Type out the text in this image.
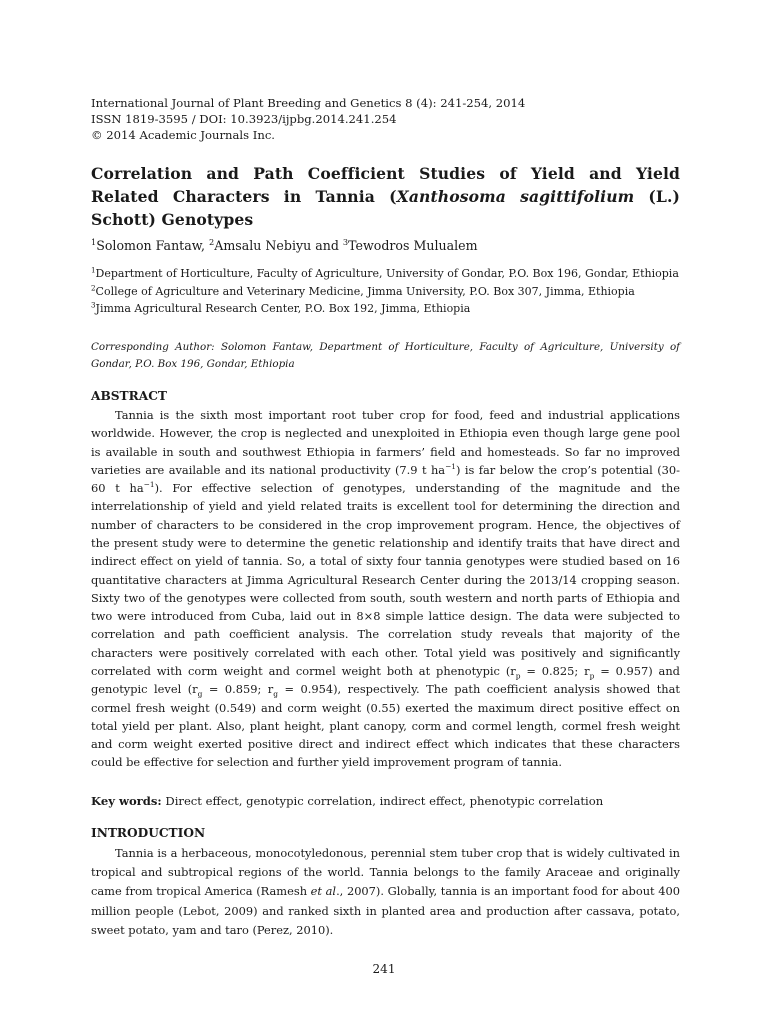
International Journal of Plant Breeding and Genetics 8 (4): 241-254, 2014
ISSN 1819-3595 / DOI: 10.3923/ijpbg.2014.241.254
© 2014 Academic Journals Inc.
Correlation and Path Coefficient Studies of Yield and Yield Related Characters in Tannia (Xanthosoma sagittifolium (L.) Schott) Genotypes
$^1$Solomon Fantaw, $^2$Amsalu Nebiyu and $^3$Tewodros Mulualem
$^1$Department of Horticulture, Faculty of Agriculture, University of Gondar, P.O. Box 196, Gondar, Ethiopia
$^2$College of Agriculture and Veterinary Medicine, Jimma University, P.O. Box 307, Jimma, Ethiopia
$^3$Jimma Agricultural Research Center, P.O. Box 192, Jimma, Ethiopia
Corresponding Author: Solomon Fantaw, Department of Horticulture, Faculty of Agriculture, University of Gondar, P.O. Box 196, Gondar, Ethiopia
ABSTRACT

Tannia is the sixth most important root tuber crop for food, feed and industrial applications worldwide. However, the crop is neglected and unexploited in Ethiopia even though large gene pool is available in south and southwest Ethiopia in farmers’ field and homesteads. So far no improved varieties are available and its national productivity (7.9 t $ha^{-1}$) is far below the crop’s potential (30-60 t $ha^{-1}$). For effective selection of genotypes, understanding of the magnitude and the interrelationship of yield and yield related traits is excellent tool for determining the direction and number of characters to be considered in the crop improvement program. Hence, the objectives of the present study were to determine the genetic relationship and identify traits that have direct and indirect effect on yield of tannia. So, a total of sixty four tannia genotypes were studied based on 16 quantitative characters at Jimma Agricultural Research Center during the 2013/14 cropping season. Sixty two of the genotypes were collected from south, south western and north parts of Ethiopia and two were introduced from Cuba, laid out in 8×8 simple lattice design. The data were subjected to correlation and path coefficient analysis. The correlation study reveals that majority of the characters were positively correlated with each other. Total yield was positively and significantly correlated with corm weight and cormel weight both at phenotypic ($r_p = 0.825$; $r_p = 0.957$) and genotypic level ($r_g = 0.859$; $r_g = 0.954$), respectively. The path coefficient analysis showed that cormel fresh weight (0.549) and corm weight (0.55) exerted the maximum direct positive effect on total yield per plant. Also, plant height, plant canopy, corm and cormel length, cormel fresh weight and corm weight exerted positive direct and indirect effect which indicates that these characters could be effective for selection and further yield improvement program of tannia.

Key words: Direct effect, genotypic correlation, indirect effect, phenotypic correlation
INTRODUCTION

Tannia is a herbaceous, monocotyledonous, perennial stem tuber crop that is widely cultivated in tropical and subtropical regions of the world. Tannia belongs to the family Araceae and originally came from tropical America (Ramesh et al., 2007). Globally, tannia is an important food for about 400 million people (Lebot, 2009) and ranked sixth in planted area and production after cassava, potato, sweet potato, yam and taro (Perez, 2010).

241
